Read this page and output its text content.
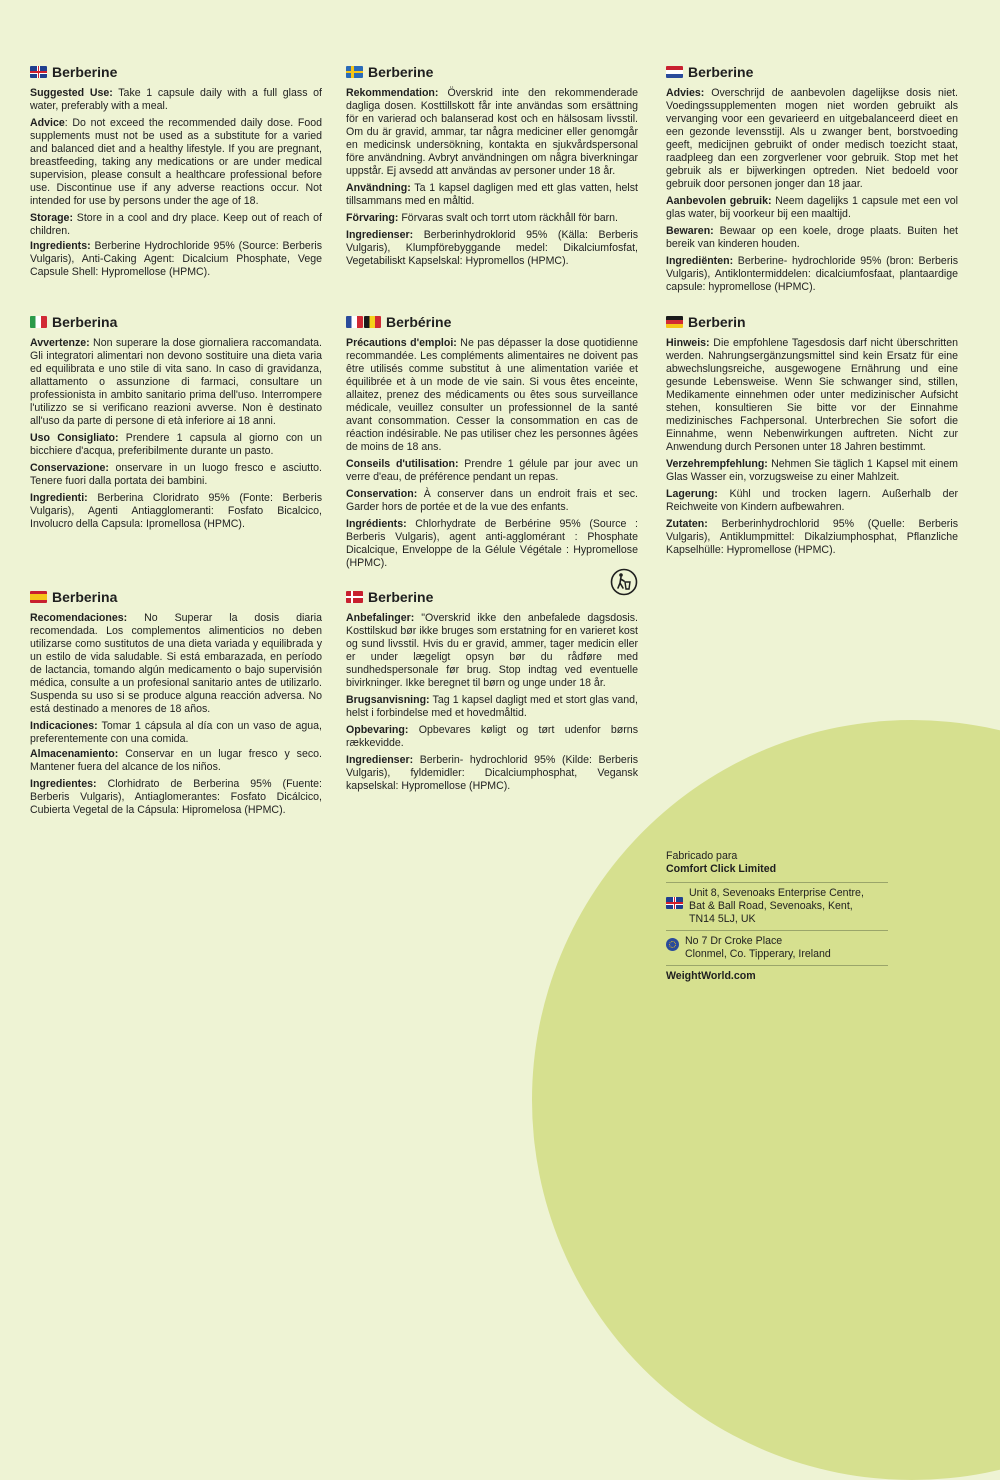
Berberine

Suggested Use: Take 1 capsule daily with a full glass of water, preferably with a meal.

Advice: Do not exceed the recommended daily dose. Food supplements must not be used as a substitute for a varied and balanced diet and a healthy lifestyle. If you are pregnant, breastfeeding, taking any medications or are under medical supervision, please consult a healthcare professional before use. Discontinue use if any adverse reactions occur. Not intended for use by persons under the age of 18.

Storage: Store in a cool and dry place. Keep out of reach of children.

Ingredients: Berberine Hydrochloride 95% (Source: Berberis Vulgaris), Anti-Caking Agent: Dicalcium Phosphate, Vege Capsule Shell: Hypromellose (HPMC).

Berberine

Rekommendation: Överskrid inte den rekommenderade dagliga dosen. Kosttillskott får inte användas som ersättning för en varierad och balanserad kost och en hälsosam livsstil. Om du är gravid, ammar, tar några mediciner eller genomgår en medicinsk undersökning, kontakta en sjukvårdspersonal före användning. Avbryt användningen om några biverkningar uppstår. Ej avsedd att användas av personer under 18 år.

Användning: Ta 1 kapsel dagligen med ett glas vatten, helst tillsammans med en måltid.

Förvaring: Förvaras svalt och torrt utom räckhåll för barn.

Ingredienser: Berberinhydroklorid 95% (Källa: Berberis Vulgaris), Klumpförebyggande medel: Dikalciumfosfat, Vegetabiliskt Kapselskal: Hypromellos (HPMC).

Berberine

Advies: Overschrijd de aanbevolen dagelijkse dosis niet. Voedingssupplementen mogen niet worden gebruikt als vervanging voor een gevarieerd en uitgebalanceerd dieet en een gezonde levensstijl. Als u zwanger bent, borstvoeding geeft, medicijnen gebruikt of onder medisch toezicht staat, raadpleeg dan een zorgverlener voor gebruik. Stop met het gebruik als er bijwerkingen optreden. Niet bedoeld voor gebruik door personen jonger dan 18 jaar.

Aanbevolen gebruik: Neem dagelijks 1 capsule met een vol glas water, bij voorkeur bij een maaltijd.

Bewaren: Bewaar op een koele, droge plaats. Buiten het bereik van kinderen houden.

Ingrediënten: Berberine- hydrochloride 95% (bron: Berberis Vulgaris), Antiklontermiddelen: dicalciumfosfaat, plantaardige capsule: hypromellose (HPMC).

Berberina

Avvertenze: Non superare la dose giornaliera raccomandata. Gli integratori alimentari non devono sostituire una dieta varia ed equilibrata e uno stile di vita sano. In caso di gravidanza, allattamento o assunzione di farmaci, consultare un professionista in ambito sanitario prima dell'uso. Interrompere l'utilizzo se si verificano reazioni avverse. Non è destinato all'uso da parte di persone di età inferiore ai 18 anni.

Uso Consigliato: Prendere 1 capsula al giorno con un bicchiere d'acqua, preferibilmente durante un pasto.

Conservazione: onservare in un luogo fresco e asciutto. Tenere fuori dalla portata dei bambini.

Ingredienti: Berberina Cloridrato 95% (Fonte: Berberis Vulgaris), Agenti Antiagglomeranti: Fosfato Bicalcico, Involucro della Capsula: Ipromellosa (HPMC).

Berbérine

Précautions d'emploi: Ne pas dépasser la dose quotidienne recommandée. Les compléments alimentaires ne doivent pas être utilisés comme substitut à une alimentation variée et équilibrée et à un mode de vie sain. Si vous êtes enceinte, allaitez, prenez des médicaments ou êtes sous surveillance médicale, veuillez consulter un professionnel de la santé avant consommation. Cesser la consommation en cas de réaction indésirable. Ne pas utiliser chez les personnes âgées de moins de 18 ans.

Conseils d'utilisation: Prendre 1 gélule par jour avec un verre d'eau, de préférence pendant un repas.

Conservation: À conserver dans un endroit frais et sec. Garder hors de portée et de la vue des enfants.

Ingrédients: Chlorhydrate de Berbérine 95% (Source : Berberis Vulgaris), agent anti-agglomérant : Phosphate Dicalcique, Enveloppe de la Gélule Végétale : Hypromellose (HPMC).

Berberin

Hinweis: Die empfohlene Tagesdosis darf nicht überschritten werden. Nahrungsergänzungsmittel sind kein Ersatz für eine abwechslungsreiche, ausgewogene Ernährung und eine gesunde Lebensweise. Wenn Sie schwanger sind, stillen, Medikamente einnehmen oder unter medizinischer Aufsicht stehen, konsultieren Sie bitte vor der Einnahme medizinisches Fachpersonal. Unterbrechen Sie sofort die Einnahme, wenn Nebenwirkungen auftreten. Nicht zur Anwendung durch Personen unter 18 Jahren bestimmt.

Verzehrempfehlung: Nehmen Sie täglich 1 Kapsel mit einem Glas Wasser ein, vorzugsweise zu einer Mahlzeit.

Lagerung: Kühl und trocken lagern. Außerhalb der Reichweite von Kindern aufbewahren.

Zutaten: Berberinhydrochlorid 95% (Quelle: Berberis Vulgaris), Antiklumpmittel: Dikalziumphosphat, Pflanzliche Kapselhülle: Hypromellose (HPMC).

Berberina

Recomendaciones: No Superar la dosis diaria recomendada. Los complementos alimenticios no deben utilizarse como sustitutos de una dieta variada y equilibrada y un estilo de vida saludable. Si está embarazada, en período de lactancia, tomando algún medicamento o bajo supervisión médica, consulte a un profesional sanitario antes de utilizarlo. Suspenda su uso si se produce alguna reacción adversa. No está destinado a menores de 18 años.

Indicaciones: Tomar 1 cápsula al día con un vaso de agua, preferentemente con una comida.

Almacenamiento: Conservar en un lugar fresco y seco. Mantener fuera del alcance de los niños.

Ingredientes: Clorhidrato de Berberina 95% (Fuente: Berberis Vulgaris), Antiaglomerantes: Fosfato Dicálcico, Cubierta Vegetal de la Cápsula: Hipromelosa (HPMC).

Berberine

Anbefalinger: "Overskrid ikke den anbefalede dagsdosis. Kosttilskud bør ikke bruges som erstatning for en varieret kost og sund livsstil. Hvis du er gravid, ammer, tager medicin eller er under lægeligt opsyn bør du rådføre med sundhedspersonale før brug. Stop indtag ved eventuelle bivirkninger. Ikke beregnet til børn og unge under 18 år.

Brugsanvisning: Tag 1 kapsel dagligt med et stort glas vand, helst i forbindelse med et hovedmåltid.

Opbevaring: Opbevares køligt og tørt udenfor børns rækkevidde.

Ingredienser: Berberin- hydrochlorid 95% (Kilde: Berberis Vulgaris), fyldemidler: Dicalciumphosphat, Vegansk kapselskal: Hypromellose (HPMC).

Fabricado para
Comfort Click Limited
Unit 8, Sevenoaks Enterprise Centre,
Bat & Ball Road, Sevenoaks, Kent,
TN14 5LJ, UK
No 7 Dr Croke Place
Clonmel, Co. Tipperary, Ireland
WeightWorld.com
